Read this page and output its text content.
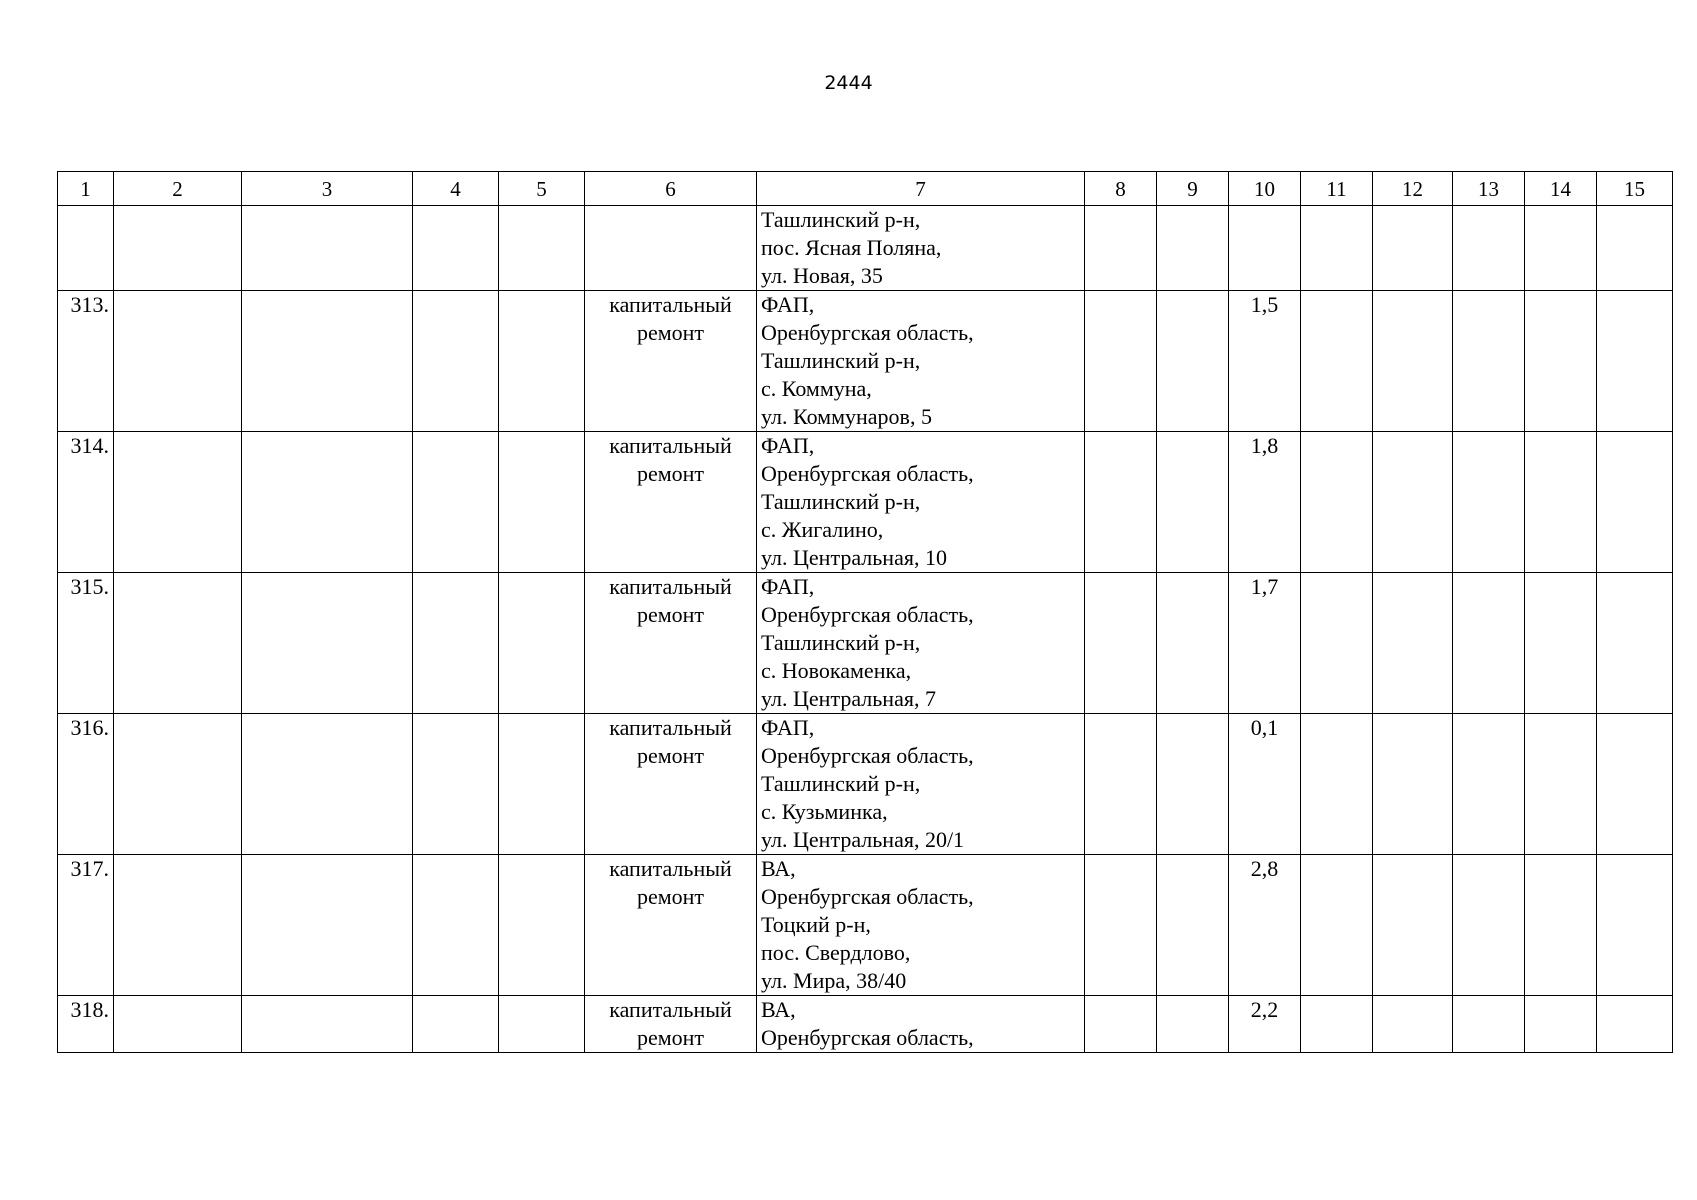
2444
1	2	3	4	5	6	7	8	9	10	11	12	13	14	15
						Ташлинский р-н,
пос. Ясная Поляна,
ул. Новая, 35								
313.					капитальный ремонт	ФАП,
Оренбургская область,
Ташлинский р-н,
с. Коммуна,
ул. Коммунаров, 5			1,5					
314.					капитальный ремонт	ФАП,
Оренбургская область,
Ташлинский р-н,
с. Жигалино,
ул. Центральная, 10			1,8					
315.					капитальный ремонт	ФАП,
Оренбургская область,
Ташлинский р-н,
с. Новокаменка,
ул. Центральная, 7			1,7					
316.					капитальный ремонт	ФАП,
Оренбургская область,
Ташлинский р-н,
с. Кузьминка,
ул. Центральная, 20/1			0,1					
317.					капитальный ремонт	ВА,
Оренбургская область,
Тоцкий р-н,
пос. Свердлово,
ул. Мира, 38/40			2,8					
318.					капитальный ремонт	ВА,
Оренбургская область,			2,2					
